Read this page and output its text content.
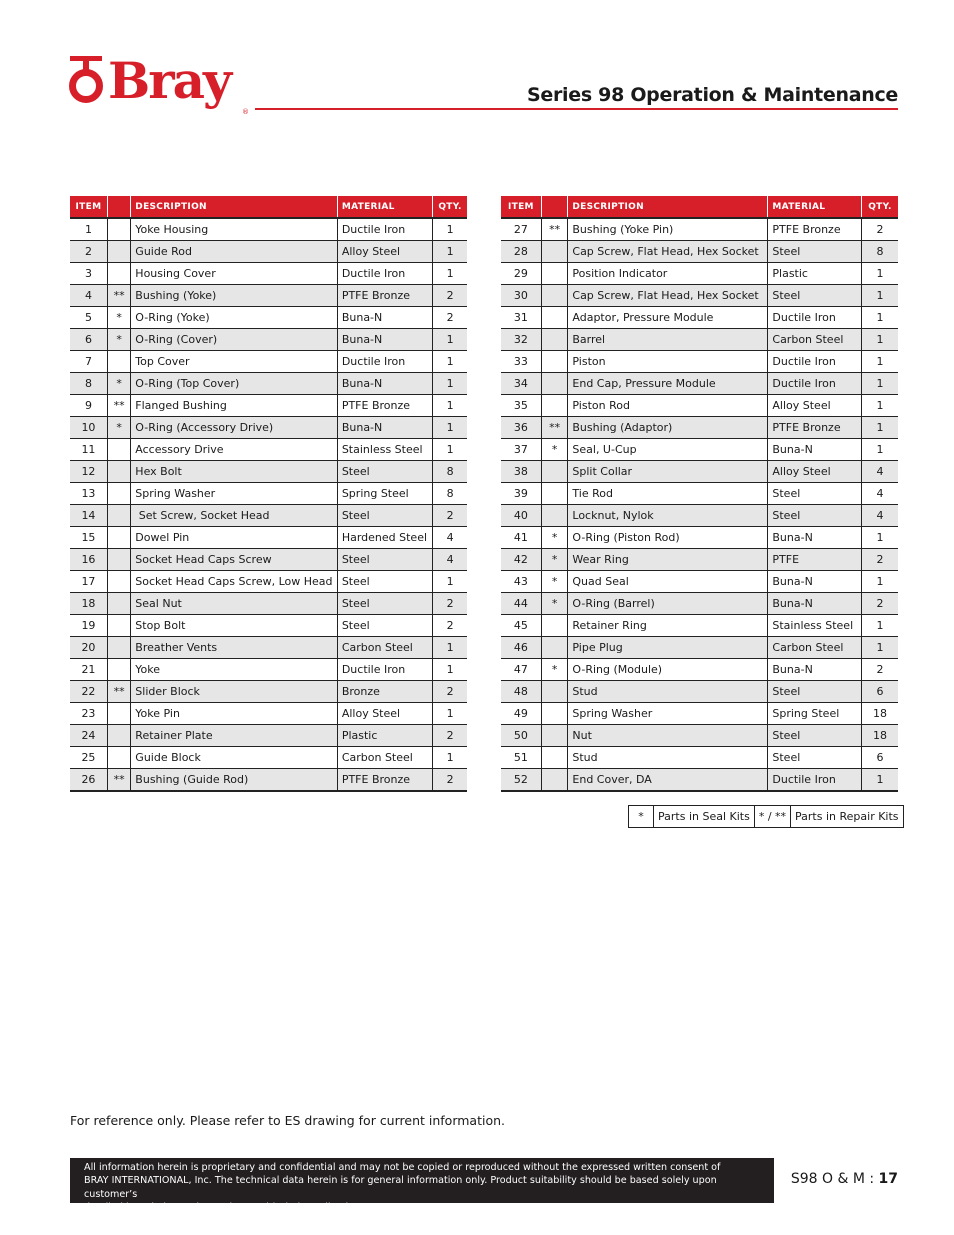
Bray
®
Series 98 Operation & Maintenance
ITEM		DESCRIPTION	MATERIAL	QTY.
1		Yoke Housing	Ductile Iron	1
2		Guide Rod	Alloy Steel	1
3		Housing Cover	Ductile Iron	1
4	**	Bushing (Yoke)	PTFE Bronze	2
5	*	O-Ring (Yoke)	Buna-N	2
6	*	O-Ring (Cover)	Buna-N	1
7		Top Cover	Ductile Iron	1
8	*	O-Ring (Top Cover)	Buna-N	1
9	**	Flanged Bushing	PTFE Bronze	1
10	*	O-Ring (Accessory Drive)	Buna-N	1
11		Accessory Drive	Stainless Steel	1
12		Hex Bolt	Steel	8
13		Spring Washer	Spring Steel	8
14		Set Screw, Socket Head	Steel	2
15		Dowel Pin	Hardened Steel	4
16		Socket Head Caps Screw	Steel	4
17		Socket Head Caps Screw, Low Head	Steel	1
18		Seal Nut	Steel	2
19		Stop Bolt	Steel	2
20		Breather Vents	Carbon Steel	1
21		Yoke	Ductile Iron	1
22	**	Slider Block	Bronze	2
23		Yoke Pin	Alloy Steel	1
24		Retainer Plate	Plastic	2
25		Guide Block	Carbon Steel	1
26	**	Bushing (Guide Rod)	PTFE Bronze	2
ITEM		DESCRIPTION	MATERIAL	QTY.
27	**	Bushing (Yoke Pin)	PTFE Bronze	2
28		Cap Screw, Flat Head, Hex Socket	Steel	8
29		Position Indicator	Plastic	1
30		Cap Screw, Flat Head, Hex Socket	Steel	1
31		Adaptor, Pressure Module	Ductile Iron	1
32		Barrel	Carbon Steel	1
33		Piston	Ductile Iron	1
34		End Cap, Pressure Module	Ductile Iron	1
35		Piston Rod	Alloy Steel	1
36	**	Bushing (Adaptor)	PTFE Bronze	1
37	*	Seal, U-Cup	Buna-N	1
38		Split Collar	Alloy Steel	4
39		Tie Rod	Steel	4
40		Locknut, Nylok	Steel	4
41	*	O-Ring (Piston Rod)	Buna-N	1
42	*	Wear Ring	PTFE	2
43	*	Quad Seal	Buna-N	1
44	*	O-Ring (Barrel)	Buna-N	2
45		Retainer Ring	Stainless Steel	1
46		Pipe Plug	Carbon Steel	1
47	*	O-Ring (Module)	Buna-N	2
48		Stud	Steel	6
49		Spring Washer	Spring Steel	18
50		Nut	Steel	18
51		Stud	Steel	6
52		End Cover, DA	Ductile Iron	1
*	Parts in Seal Kits	* / **	Parts in Repair Kits
For reference only. Please refer to ES drawing for current information.

All information herein is proprietary and confidential and may not be copied or reproduced without the expressed written consent of

BRAY INTERNATIONAL, Inc. The technical data herein is for general information only. Product suitability should be based solely upon customer’s

detailed knowledge and experience with their application.

S98 O & M : 17
